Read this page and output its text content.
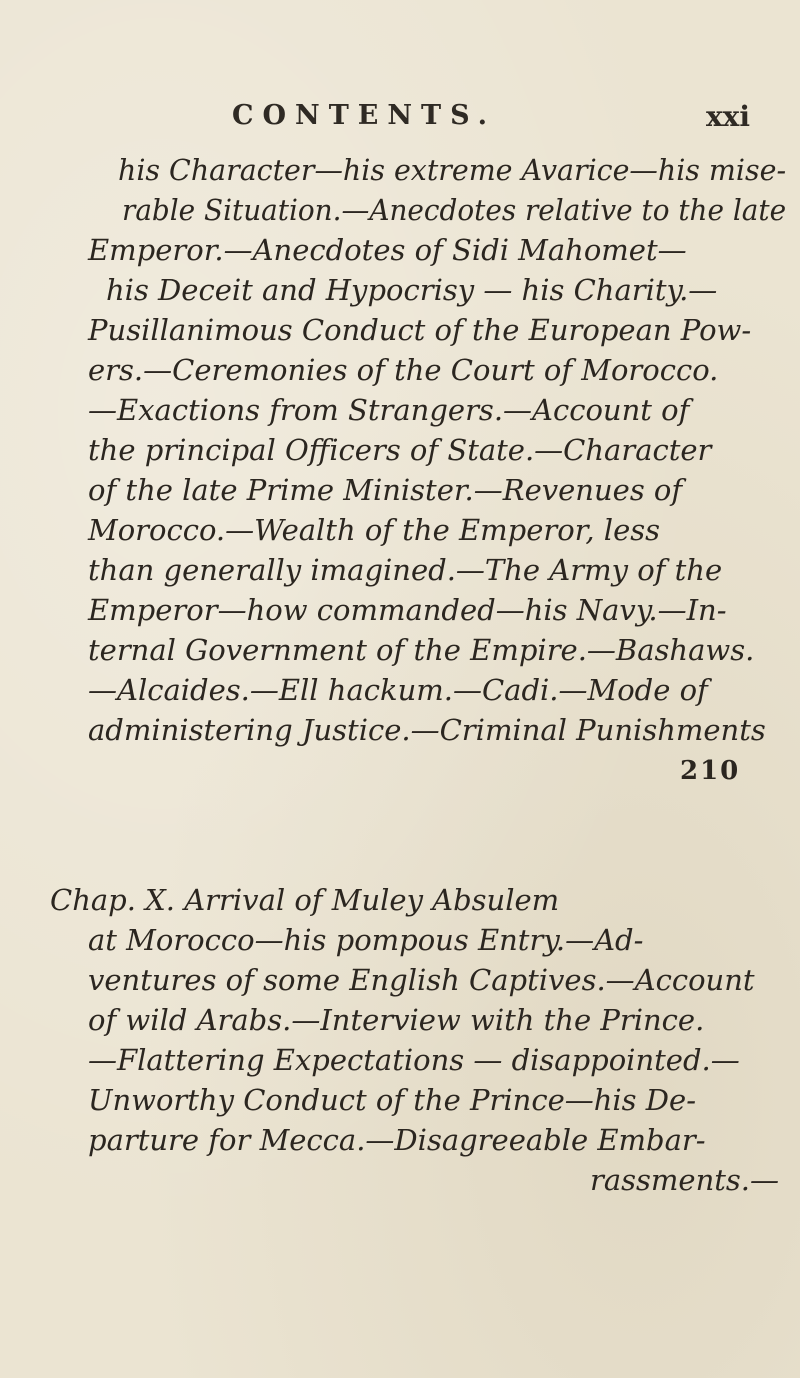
CONTENTS.	xxi
his Character—his extreme Avarice—his mise-
rable Situation.—Anecdotes relative to the late
Emperor.—Anecdotes of Sidi Mahomet—
his Deceit and Hypocrisy — his Charity.—
Pusillanimous Conduct of the European Pow-
ers.—Ceremonies of the Court of Morocco.
—Exactions from Strangers.—Account of
the principal Officers of State.—Character
of the late Prime Minister.—Revenues of
Morocco.—Wealth of the Emperor, less
than generally imagined.—The Army of the
Emperor—how commanded—his Navy.—In-
ternal Government of the Empire.—Bashaws.
—Alcaides.—Ell hackum.—Cadi.—Mode of
administering Justice.—Criminal Punishments
210
Chap. X. Arrival of Muley Absulem
at Morocco—his pompous Entry.—Ad-
ventures of some English Captives.—Account
of wild Arabs.—Interview with the Prince.
—Flattering Expectations — disappointed.—
Unworthy Conduct of the Prince—his De-
parture for Mecca.—Disagreeable Embar-
rassments.—
